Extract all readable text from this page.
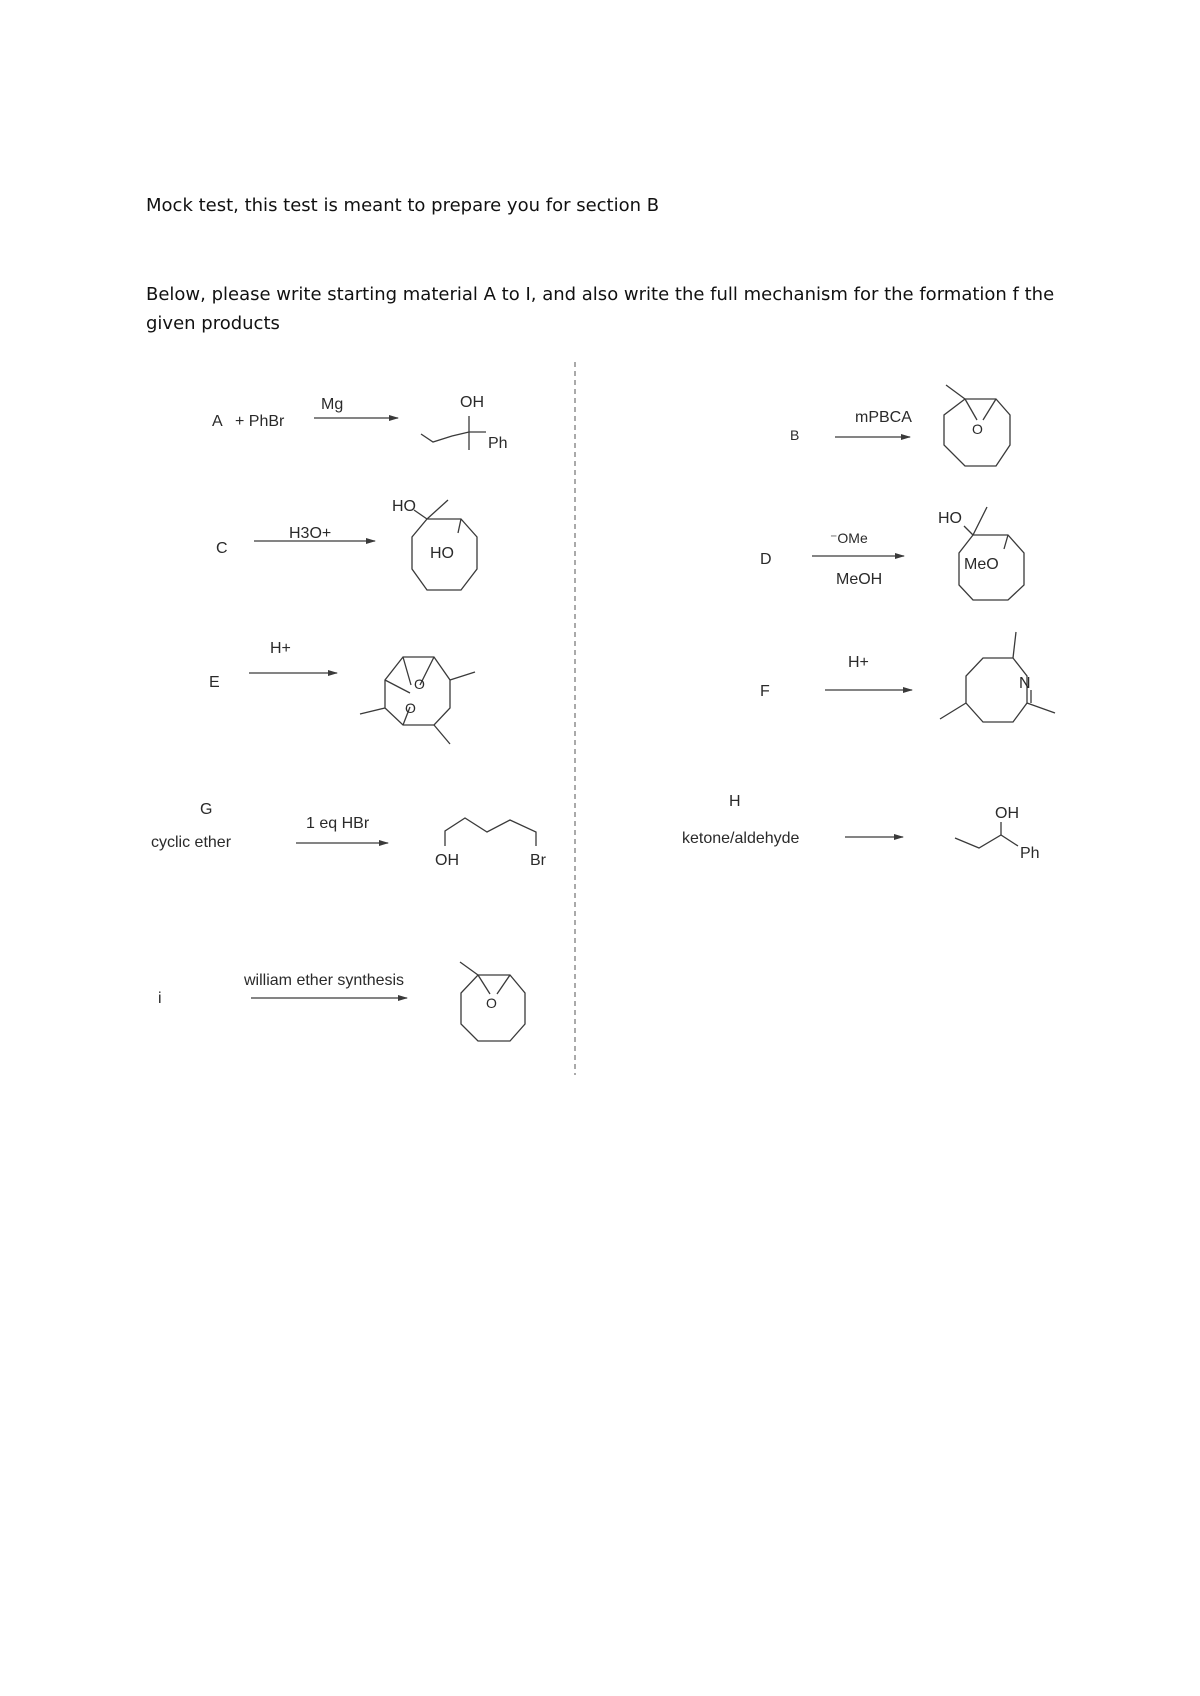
Mock test, this test is meant to prepare you for section B
Below, please write starting material A to I, and also write the full mechanism for the formation f the given products
A + PhBr
Mg	OH
Ph	B
mPBCA
O
C
H3O+
HO
HO	D
⁻OMe
MeOH
HO
MeO
E
H+
O
O
F
H+
N
G
cyclic ether
1 eq HBr
OH	Br
H
ketone/aldehyde
OH
Ph
i
william ether synthesis
O
